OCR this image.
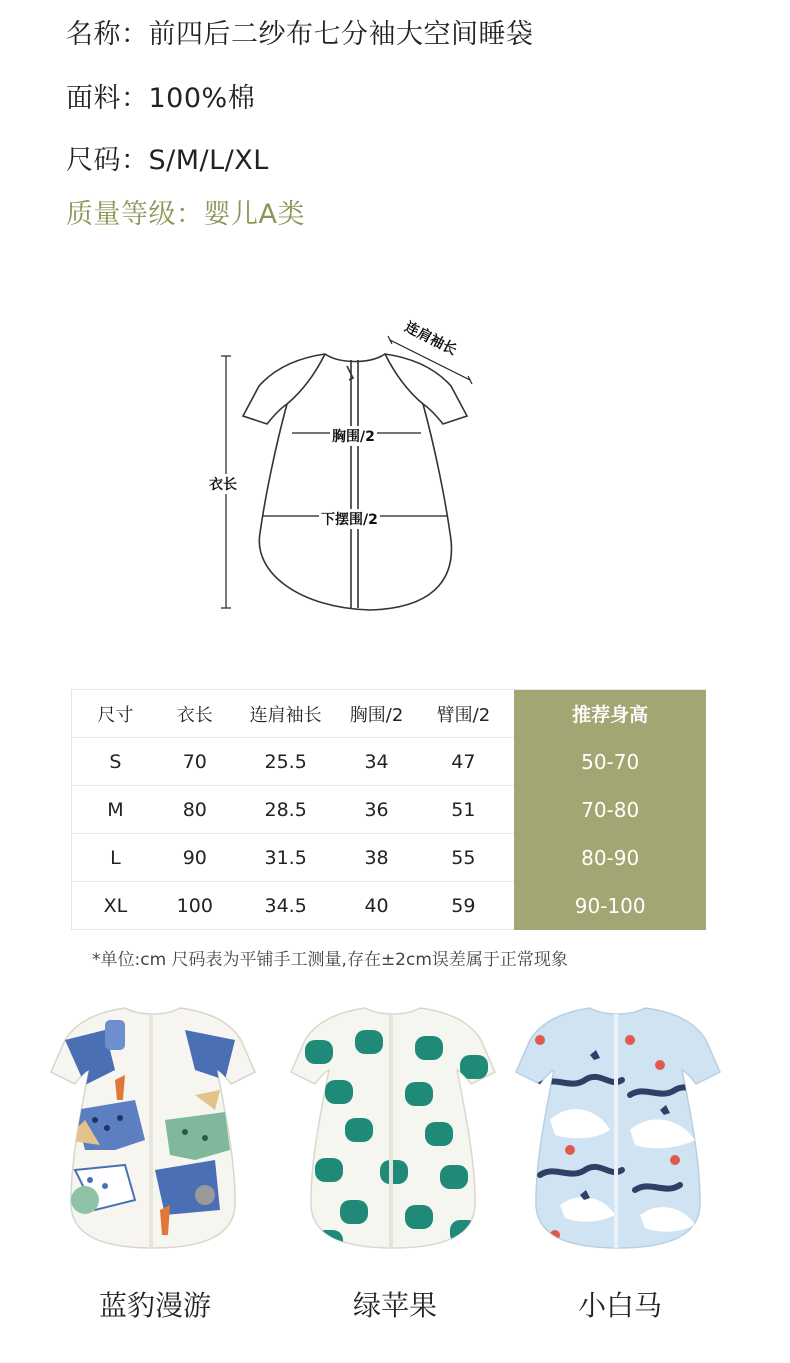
名称：前四后二纱布七分袖大空间睡袋
面料：100%棉
尺码：S/M/L/XL
质量等级：婴儿A类
连肩袖长
胸围/2
衣长
下摆围/2
尺寸	衣长	连肩袖长	胸围/2	臂围/2	推荐身高
S	70	25.5	34	47	50-70
M	80	28.5	36	51	70-80
L	90	31.5	38	55	80-90
XL	100	34.5	40	59	90-100
*单位:cm 尺码表为平铺手工测量,存在±2cm误差属于正常现象
蓝豹漫游	绿苹果	小白马
